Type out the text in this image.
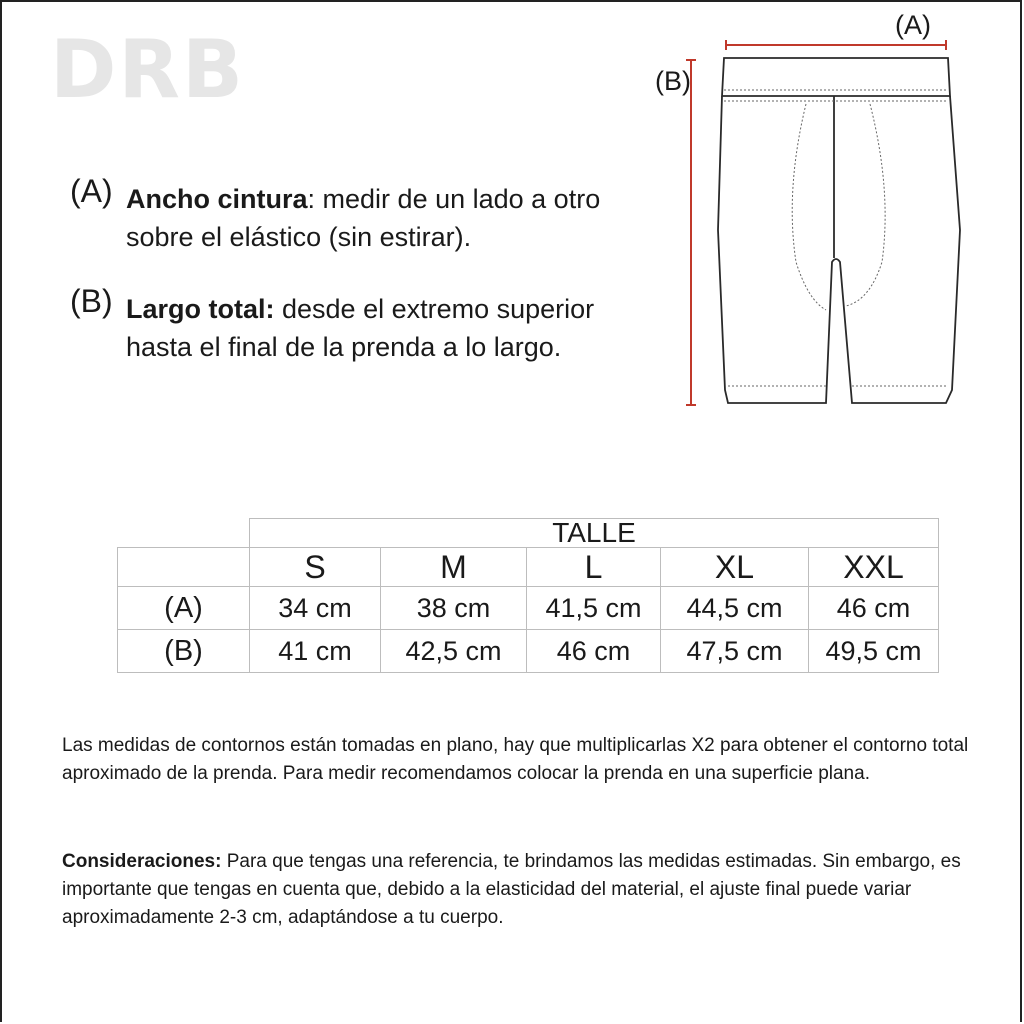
DRB
(A) Ancho cintura: medir de un lado a otro
sobre el elástico (sin estirar).
(B) Largo total: desde el extremo superior
hasta el final de la prenda a lo largo.
(A)
(B)
	TALLE				
	S	M	L	XL	XXL
(A)	34 cm	38 cm	41,5 cm	44,5 cm	46 cm
(B)	41 cm	42,5 cm	46 cm	47,5 cm	49,5 cm
Las medidas de contornos están tomadas en plano, hay que multiplicarlas X2 para obtener el contorno total aproximado de la prenda. Para medir recomendamos colocar la prenda en una superficie plana.
Consideraciones: Para que tengas una referencia, te brindamos las medidas estimadas. Sin embargo, es importante que tengas en cuenta que, debido a la elasticidad del material, el ajuste final puede variar aproximadamente 2-3 cm, adaptándose a tu cuerpo.
